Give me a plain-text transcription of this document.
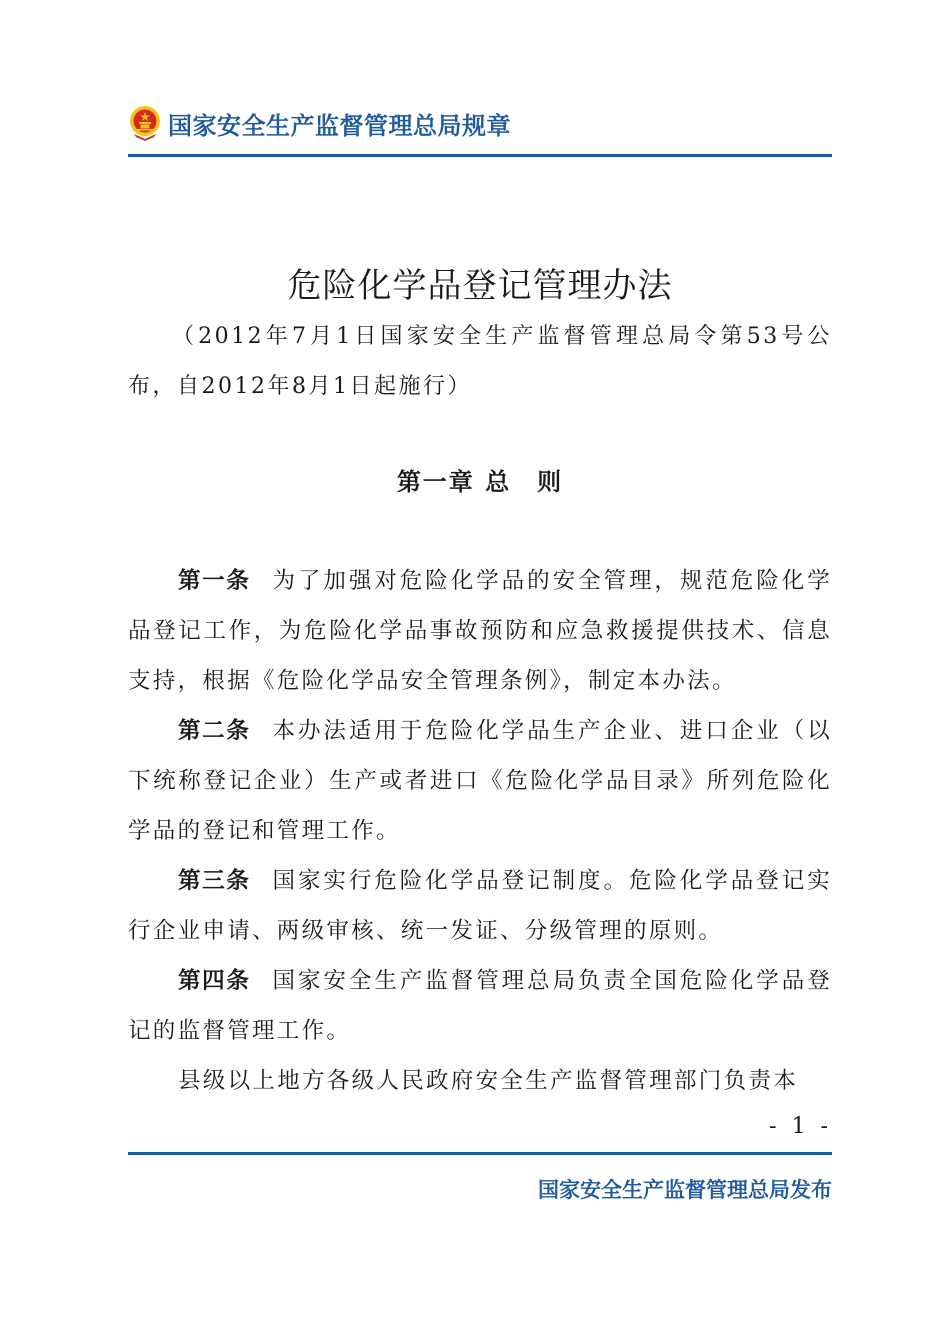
国家安全生产监督管理总局规章
危险化学品登记管理办法
（2012年7月1日国家安全生产监督管理总局令第53号公布，自2012年8月1日起施行）
第一章 总　则

第一条 为了加强对危险化学品的安全管理，规范危险化学品登记工作，为危险化学品事故预防和应急救援提供技术、信息支持，根据《危险化学品安全管理条例》，制定本办法。

第二条 本办法适用于危险化学品生产企业、进口企业（以下统称登记企业）生产或者进口《危险化学品目录》所列危险化学品的登记和管理工作。

第三条 国家实行危险化学品登记制度。危险化学品登记实行企业申请、两级审核、统一发证、分级管理的原则。

第四条 国家安全生产监督管理总局负责全国危险化学品登记的监督管理工作。

县级以上地方各级人民政府安全生产监督管理部门负责本

- 1 -
国家安全生产监督管理总局发布
